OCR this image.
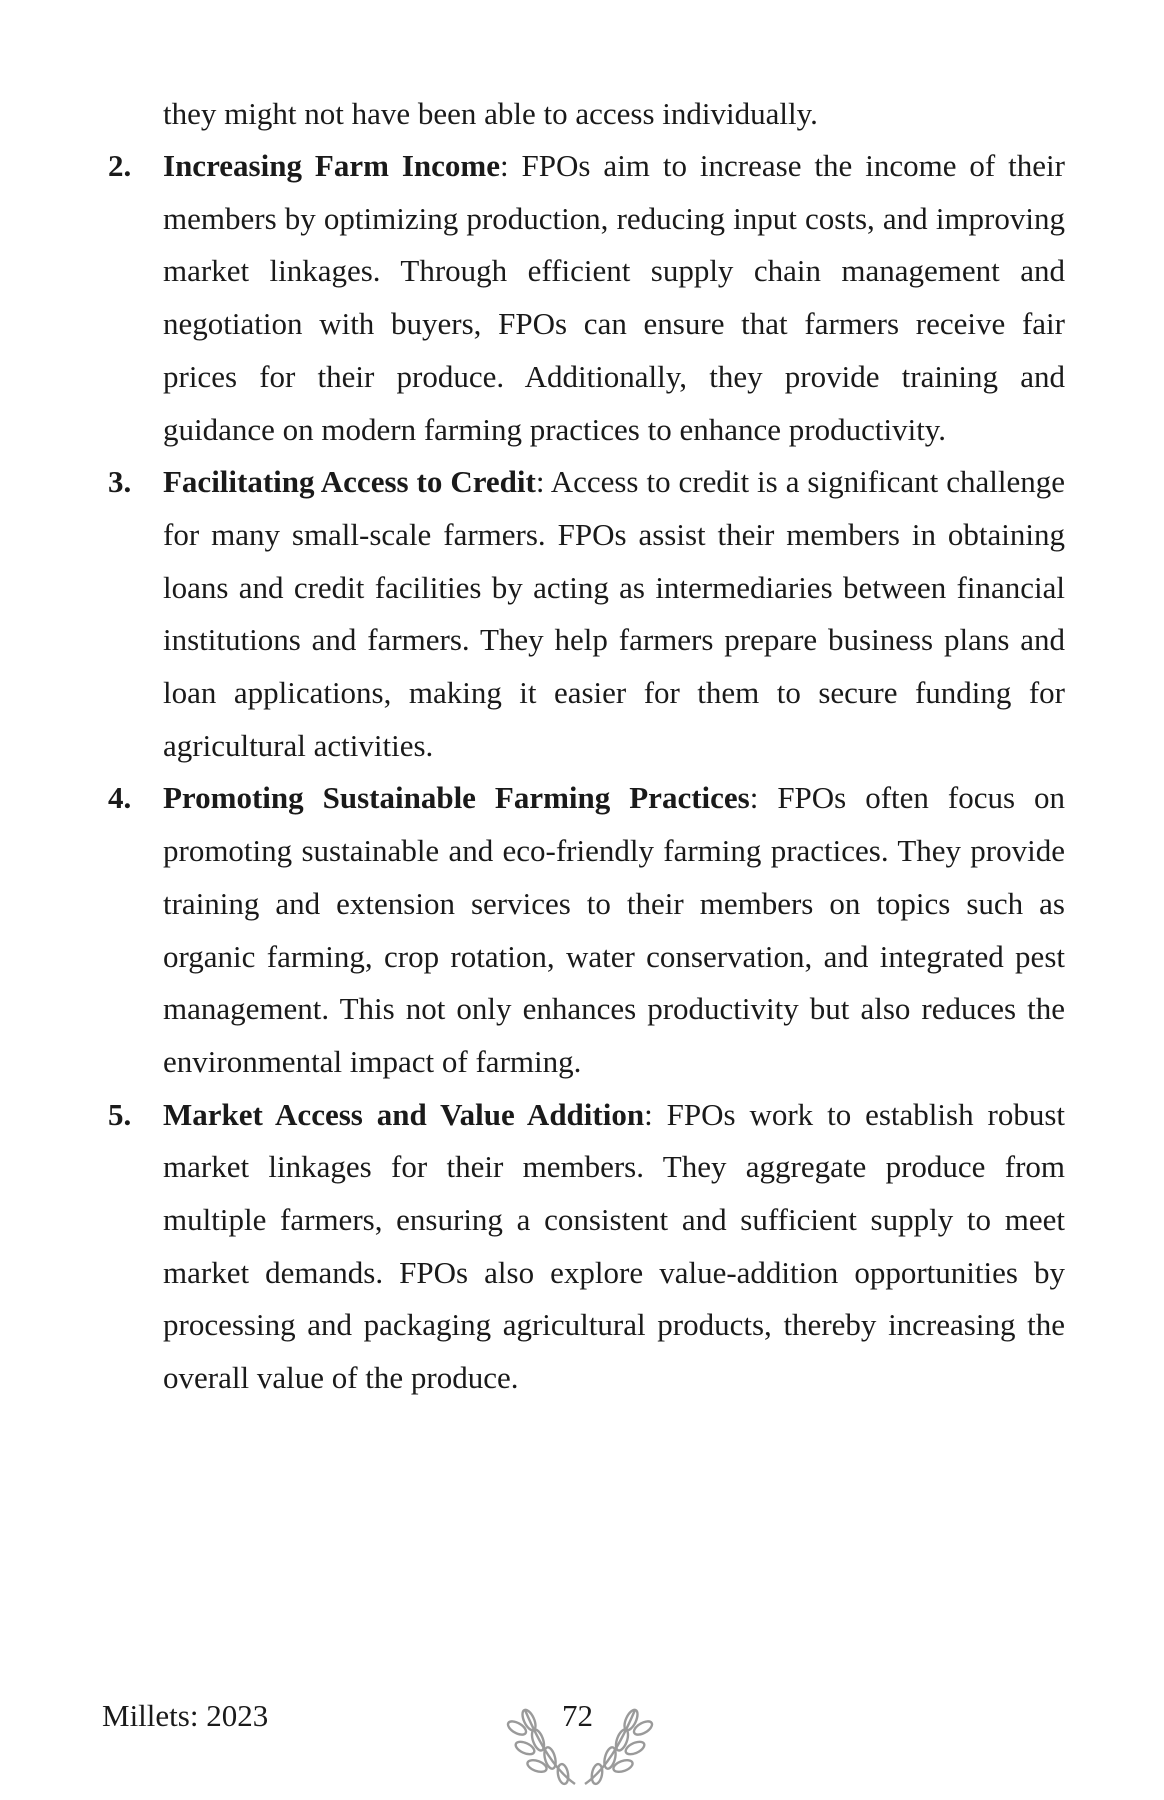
they might not have been able to access individually.

2. Increasing Farm Income: FPOs aim to increase the income of their members by optimizing production, reducing input costs, and improving market linkages. Through efficient supply chain management and negotiation with buyers, FPOs can ensure that farmers receive fair prices for their produce. Additionally, they provide training and guidance on modern farming practices to enhance productivity.
3. Facilitating Access to Credit: Access to credit is a significant challenge for many small-scale farmers. FPOs assist their members in obtaining loans and credit facilities by acting as intermediaries between financial institutions and farmers. They help farmers prepare business plans and loan applications, making it easier for them to secure funding for agricultural activities.
4. Promoting Sustainable Farming Practices: FPOs often focus on promoting sustainable and eco-friendly farming practices. They provide training and extension services to their members on topics such as organic farming, crop rotation, water conservation, and integrated pest management. This not only enhances productivity but also reduces the environmental impact of farming.
5. Market Access and Value Addition: FPOs work to establish robust market linkages for their members. They aggregate produce from multiple farmers, ensuring a consistent and sufficient supply to meet market demands. FPOs also explore value-addition opportunities by processing and packaging agricultural products, thereby increasing the overall value of the produce.
Millets: 2023	72
